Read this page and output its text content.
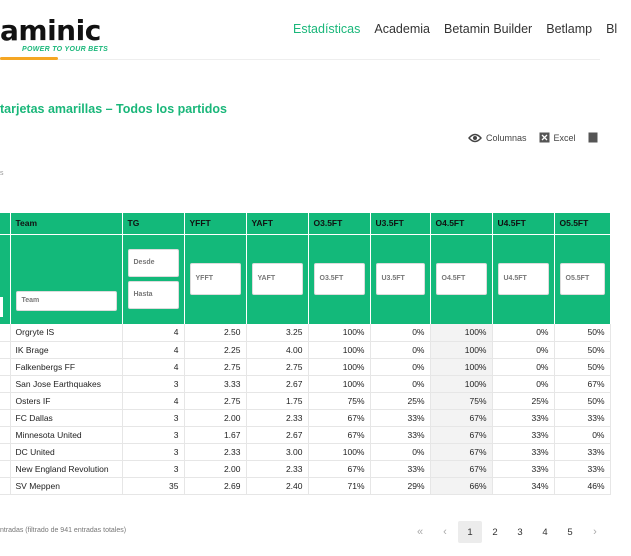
aminic
POWER TO YOUR BETS
Estadísticas Academia Betamin Builder Betlamp Bl
tarjetas amarillas – Todos los partidos
Columnas	Excel
s
	Team	TG	YFFT	YAFT	O3.5FT	U3.5FT	O4.5FT	U4.5FT	O5.5FT

	Team	Desde
Hasta	YFFT	YAFT	O3.5FT	U3.5FT	O4.5FT	U4.5FT	O5.5FT

	Orgryte IS	4	2.50	3.25	100%	0%	100%	0%	50%
	IK Brage	4	2.25	4.00	100%	0%	100%	0%	50%
	Falkenbergs FF	4	2.75	2.75	100%	0%	100%	0%	50%
	San Jose Earthquakes	3	3.33	2.67	100%	0%	100%	0%	67%
	Osters IF	4	2.75	1.75	75%	25%	75%	25%	50%
	FC Dallas	3	2.00	2.33	67%	33%	67%	33%	33%
	Minnesota United	3	1.67	2.67	67%	33%	67%	33%	0%
	DC United	3	2.33	3.00	100%	0%	67%	33%	33%
	New England Revolution	3	2.00	2.33	67%	33%	67%	33%	33%
	SV Meppen	35	2.69	2.40	71%	29%	66%	34%	46%
ntradas (filtrado de 941 entradas totales)	«	‹	1	2	3	4	5	›
